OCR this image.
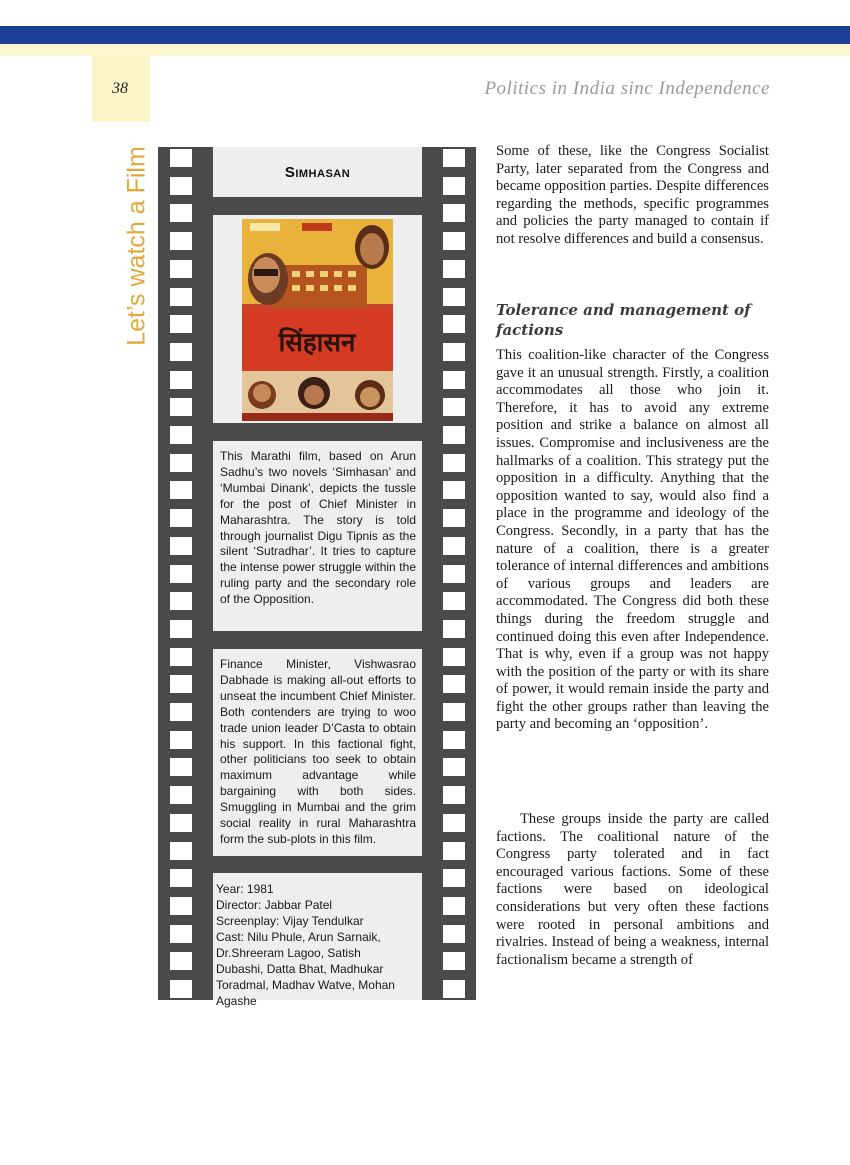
38	Politics in India sinc Independence
Let’s watch a Film	Simhasan
सिंहासन
This Marathi film, based on Arun Sadhu’s two novels ‘Simhasan’ and ‘Mumbai Dinank’, depicts the tussle for the post of Chief Minister in Maharashtra. The story is told through journalist Digu Tipnis as the silent ‘Sutradhar’. It tries to capture the intense power struggle within the ruling party and the secondary role of the Opposition.
Finance Minister, Vishwasrao Dabhade is making all-out efforts to unseat the incumbent Chief Minister. Both contenders are trying to woo trade union leader D’Casta to obtain his support. In this factional fight, other politicians too seek to obtain maximum advantage while bargaining with both sides. Smuggling in Mumbai and the grim social reality in rural Maharashtra form the sub-plots in this film.
Year: 1981
Director: Jabbar Patel
Screenplay: Vijay Tendulkar
Cast: Nilu Phule, Arun Sarnaik,
Dr.Shreeram Lagoo, Satish
Dubashi, Datta Bhat, Madhukar
Toradmal, Madhav Watve, Mohan
Agashe
Some of these, like the Congress Socialist Party, later separated from the Congress and became opposition parties. Despite differences regarding the methods, specific programmes and policies the party managed to contain if not resolve differences and build a consensus.
Tolerance and management of factions
This coalition-like character of the Congress gave it an unusual strength. Firstly, a coalition accommodates all those who join it. Therefore, it has to avoid any extreme position and strike a balance on almost all issues. Compromise and inclusiveness are the hallmarks of a coalition. This strategy put the opposition in a difficulty. Anything that the opposition wanted to say, would also find a place in the programme and ideology of the Congress. Secondly, in a party that has the nature of a coalition, there is a greater tolerance of internal differences and ambitions of various groups and leaders are accommodated. The Congress did both these things during the freedom struggle and continued doing this even after Independence. That is why, even if a group was not happy with the position of the party or with its share of power, it would remain inside the party and fight the other groups rather than leaving the party and becoming an ‘opposition’.
These groups inside the party are called factions. The coalitional nature of the Congress party tolerated and in fact encouraged various factions. Some of these factions were based on ideological considerations but very often these factions were rooted in personal ambitions and rivalries. Instead of being a weakness, internal factionalism became a strength of
